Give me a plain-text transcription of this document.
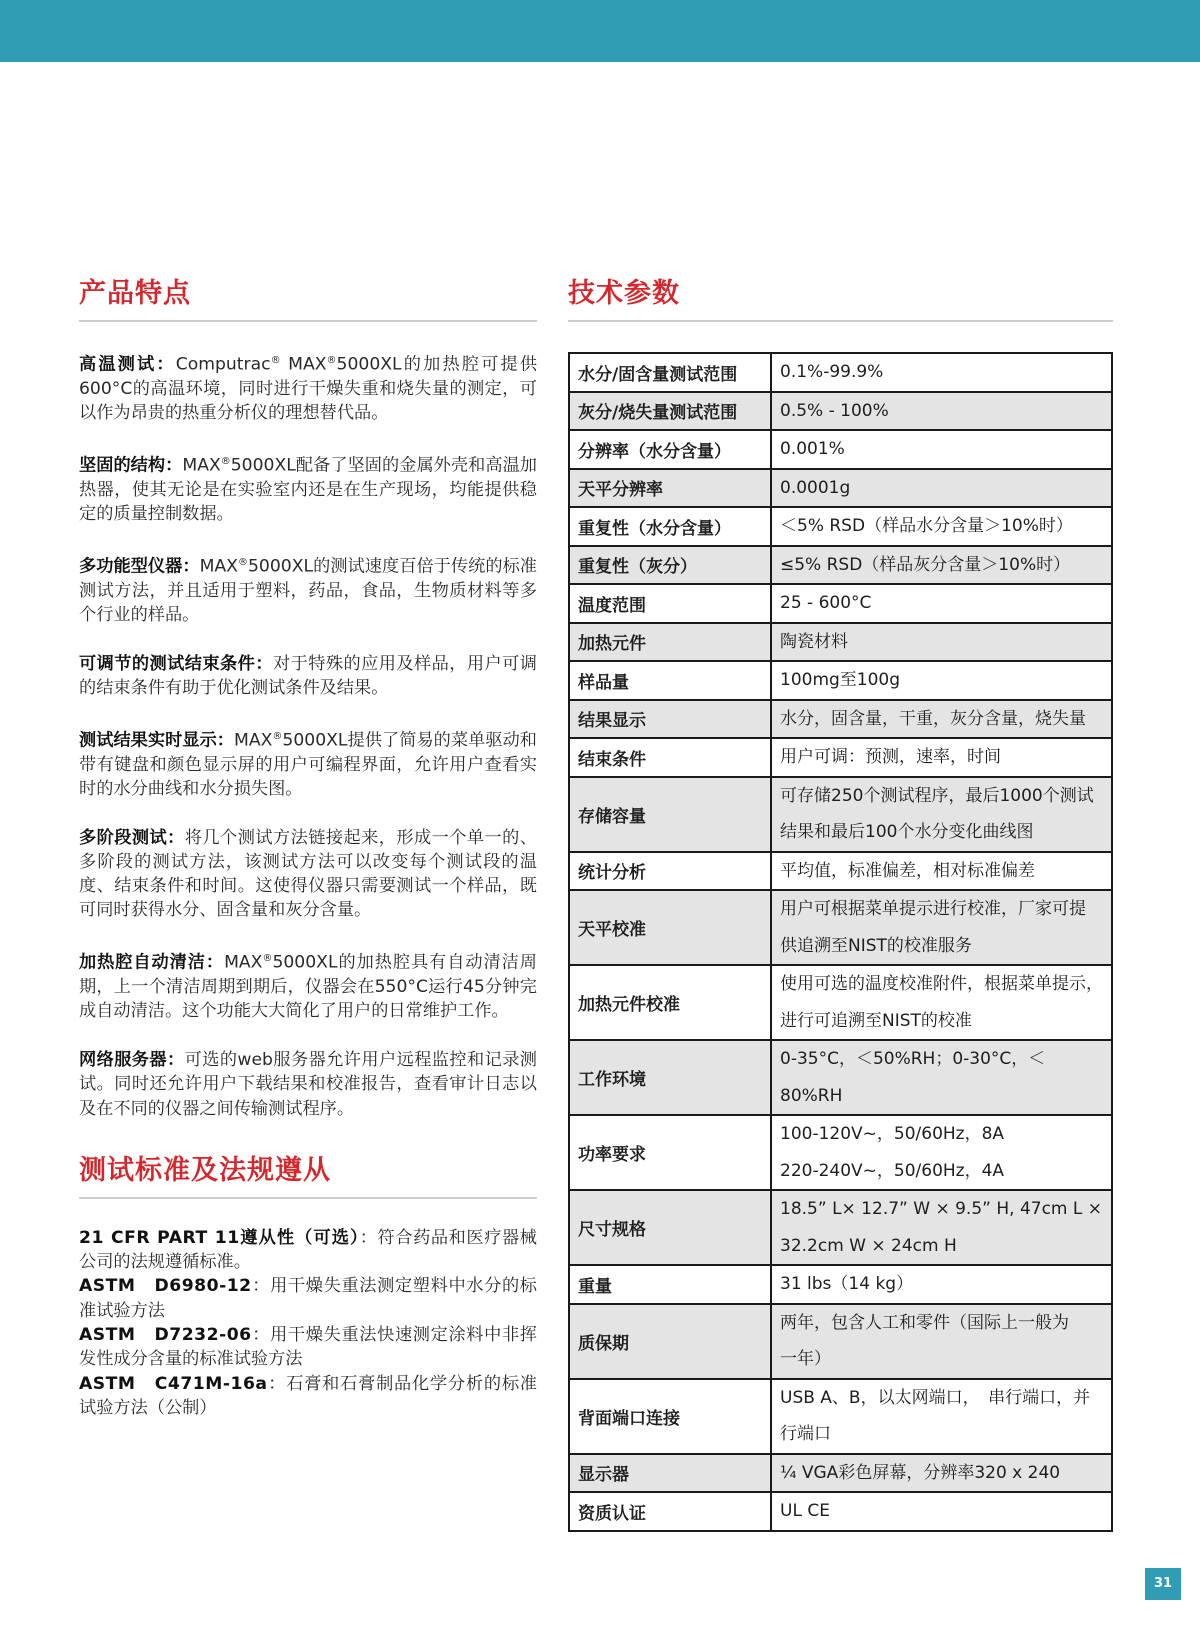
产品特点

高温测试：Computrac® MAX®5000XL的加热腔可提供600°C的高温环境，同时进行干燥失重和烧失量的测定，可以作为昂贵的热重分析仪的理想替代品。

坚固的结构：MAX®5000XL配备了坚固的金属外壳和高温加热器，使其无论是在实验室内还是在生产现场，均能提供稳定的质量控制数据。

多功能型仪器：MAX®5000XL的测试速度百倍于传统的标准测试方法，并且适用于塑料，药品，食品，生物质材料等多个行业的样品。

可调节的测试结束条件：对于特殊的应用及样品，用户可调的结束条件有助于优化测试条件及结果。

测试结果实时显示：MAX®5000XL提供了简易的菜单驱动和带有键盘和颜色显示屏的用户可编程界面，允许用户查看实时的水分曲线和水分损失图。

多阶段测试：将几个测试方法链接起来，形成一个单一的、多阶段的测试方法，该测试方法可以改变每个测试段的温度、结束条件和时间。这使得仪器只需要测试一个样品，既可同时获得水分、固含量和灰分含量。

加热腔自动清洁：MAX®5000XL的加热腔具有自动清洁周期，上一个清洁周期到期后，仪器会在550°C运行45分钟完成自动清洁。这个功能大大简化了用户的日常维护工作。

网络服务器：可选的web服务器允许用户远程监控和记录测试。同时还允许用户下载结果和校准报告，查看审计日志以及在不同的仪器之间传输测试程序。

测试标准及法规遵从

21 CFR PART 11遵从性（可选）：符合药品和医疗器械公司的法规遵循标准。

ASTM　D6980-12：用干燥失重法测定塑料中水分的标准试验方法

ASTM　D7232-06：用干燥失重法快速测定涂料中非挥发性成分含量的标准试验方法

ASTM　C471M-16a：石膏和石膏制品化学分析的标准试验方法（公制）

技术参数
水分/固含量测试范围	0.1%-99.9%

灰分/烧失量测试范围	0.5% - 100%

分辨率（水分含量）	0.001%

天平分辨率	0.0001g

重复性（水分含量）	＜5% RSD（样品水分含量＞10%时）

重复性（灰分）	≤5% RSD（样品灰分含量＞10%时）

温度范围	25 - 600°C

加热元件	陶瓷材料

样品量	100mg至100g

结果显示	水分，固含量，干重，灰分含量，烧失量

结束条件	用户可调：预测，速率，时间

存储容量	可存储250个测试程序，最后1000个测试
结果和最后100个水分变化曲线图

统计分析	平均值，标准偏差，相对标准偏差

天平校准	用户可根据菜单提示进行校准，厂家可提
供追溯至NIST的校准服务

加热元件校准	使用可选的温度校准附件，根据菜单提示，
进行可追溯至NIST的校准

工作环境	0-35°C，＜50%RH；0-30°C，＜80%RH

功率要求	100-120V~，50/60Hz，8A
220-240V~，50/60Hz，4A

尺寸规格	18.5” L× 12.7” W × 9.5” H, 47cm L ×
32.2cm W × 24cm H

重量	31 lbs（14 kg）

质保期	两年，包含人工和零件（国际上一般为
一年）

背面端口连接	USB A、B，以太网端口，　串行端口，并
行端口

显示器	¼ VGA彩色屏幕，分辨率320 x 240

资质认证	UL CE
31
